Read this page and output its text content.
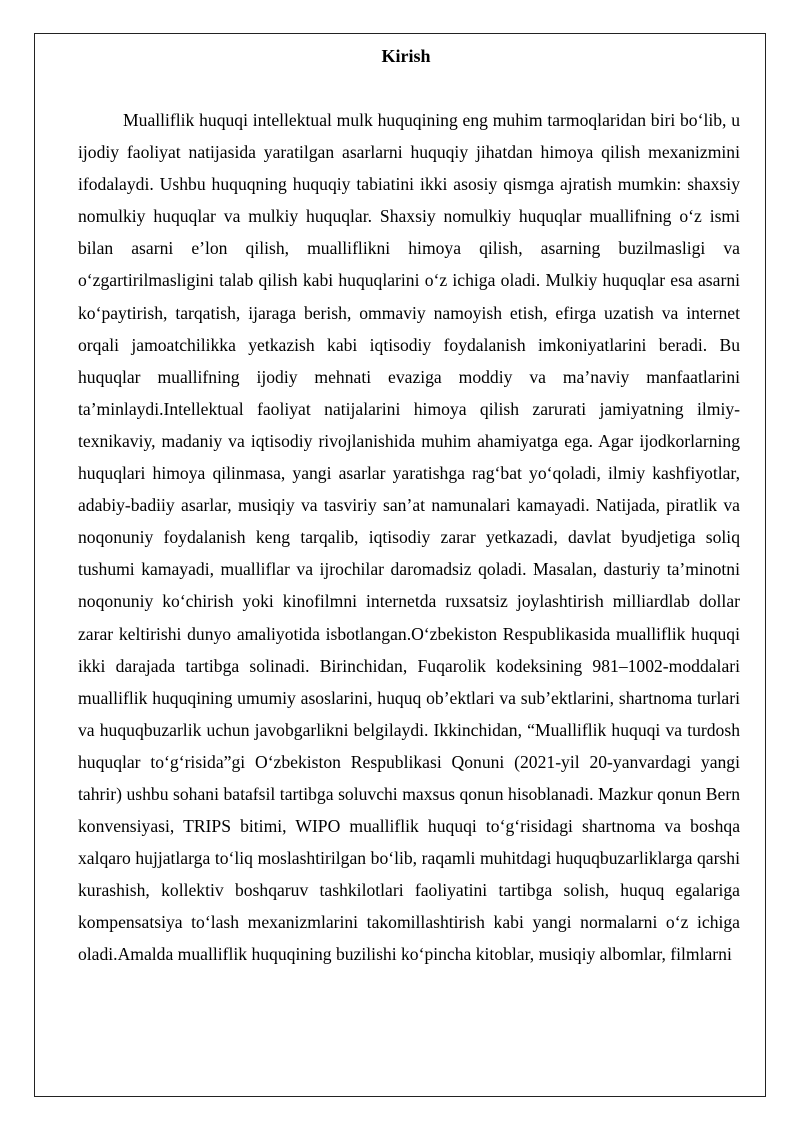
Kirish

Mualliflik huquqi intellektual mulk huquqining eng muhim tarmoqlaridan biri bo‘lib, u ijodiy faoliyat natijasida yaratilgan asarlarni huquqiy jihatdan himoya qilish mexanizmini ifodalaydi. Ushbu huquqning huquqiy tabiatini ikki asosiy qismga ajratish mumkin: shaxsiy nomulkiy huquqlar va mulkiy huquqlar. Shaxsiy nomulkiy huquqlar muallifning o‘z ismi bilan asarni e’lon qilish, mualliflikni himoya qilish, asarning buzilmasligi va o‘zgartirilmasligini talab qilish kabi huquqlarini o‘z ichiga oladi. Mulkiy huquqlar esa asarni ko‘paytirish, tarqatish, ijaraga berish, ommaviy namoyish etish, efirga uzatish va internet orqali jamoatchilikka yetkazish kabi iqtisodiy foydalanish imkoniyatlarini beradi. Bu huquqlar muallifning ijodiy mehnati evaziga moddiy va ma’naviy manfaatlarini ta’minlaydi.Intellektual faoliyat natijalarini himoya qilish zarurati jamiyatning ilmiy-texnikaviy, madaniy va iqtisodiy rivojlanishida muhim ahamiyatga ega. Agar ijodkorlarning huquqlari himoya qilinmasa, yangi asarlar yaratishga rag‘bat yo‘qoladi, ilmiy kashfiyotlar, adabiy-badiiy asarlar, musiqiy va tasviriy san’at namunalari kamayadi. Natijada, piratlik va noqonuniy foydalanish keng tarqalib, iqtisodiy zarar yetkazadi, davlat byudjetiga soliq tushumi kamayadi, mualliflar va ijrochilar daromadsiz qoladi. Masalan, dasturiy ta’minotni noqonuniy ko‘chirish yoki kinofilmni internetda ruxsatsiz joylashtirish milliardlab dollar zarar keltirishi dunyo amaliyotida isbotlangan.O‘zbekiston Respublikasida mualliflik huquqi ikki darajada tartibga solinadi. Birinchidan, Fuqarolik kodeksining 981–1002-moddalari mualliflik huquqining umumiy asoslarini, huquq ob’ektlari va sub’ektlarini, shartnoma turlari va huquqbuzarlik uchun javobgarlikni belgilaydi. Ikkinchidan, “Mualliflik huquqi va turdosh huquqlar to‘g‘risida”gi O‘zbekiston Respublikasi Qonuni (2021-yil 20-yanvardagi yangi tahrir) ushbu sohani batafsil tartibga soluvchi maxsus qonun hisoblanadi. Mazkur qonun Bern konvensiyasi, TRIPS bitimi, WIPO mualliflik huquqi to‘g‘risidagi shartnoma va boshqa xalqaro hujjatlarga to‘liq moslashtirilgan bo‘lib, raqamli muhitdagi huquqbuzarliklarga qarshi kurashish, kollektiv boshqaruv tashkilotlari faoliyatini tartibga solish, huquq egalariga kompensatsiya to‘lash mexanizmlarini takomillashtirish kabi yangi normalarni o‘z ichiga oladi.Amalda mualliflik huquqining buzilishi ko‘pincha kitoblar, musiqiy albomlar, filmlarni
